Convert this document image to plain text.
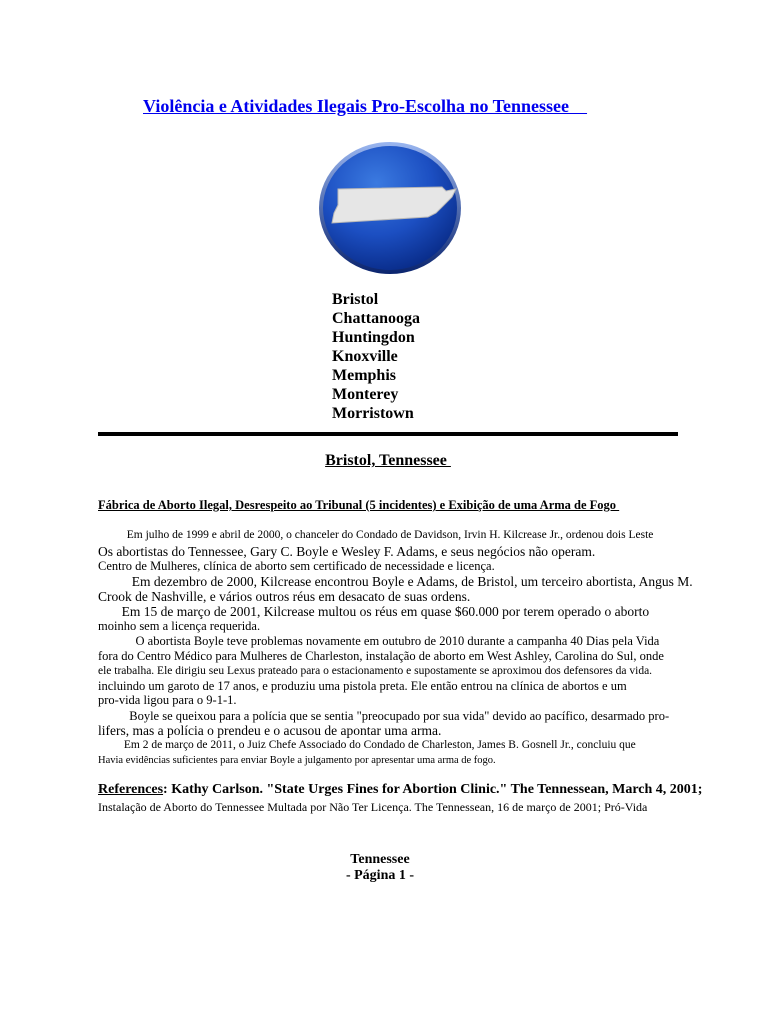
Violência e Atividades Ilegais Pro-Escolha no Tennessee
Bristol
Chattanooga
Huntingdon
Knoxville
Memphis
Monterey
Morristown
Bristol, Tennessee
Fábrica de Aborto Ilegal, Desrespeito ao Tribunal (5 incidentes) e Exibição de uma Arma de Fogo
Em julho de 1999 e abril de 2000, o chanceler do Condado de Davidson, Irvin H. Kilcrease Jr., ordenou dois Leste
Os abortistas do Tennessee, Gary C. Boyle e Wesley F. Adams, e seus negócios não operam.
Centro de Mulheres, clínica de aborto sem certificado de necessidade e licença.
Em dezembro de 2000, Kilcrease encontrou Boyle e Adams, de Bristol, um terceiro abortista, Angus M.
Crook de Nashville, e vários outros réus em desacato de suas ordens.
Em 15 de março de 2001, Kilcrease multou os réus em quase $60.000 por terem operado o aborto
moinho sem a licença requerida.
O abortista Boyle teve problemas novamente em outubro de 2010 durante a campanha 40 Dias pela Vida
fora do Centro Médico para Mulheres de Charleston, instalação de aborto em West Ashley, Carolina do Sul, onde
ele trabalha. Ele dirigiu seu Lexus prateado para o estacionamento e supostamente se aproximou dos defensores da vida.
incluindo um garoto de 17 anos, e produziu uma pistola preta. Ele então entrou na clínica de abortos e um
pro-vida ligou para o 9-1-1.
Boyle se queixou para a polícia que se sentia "preocupado por sua vida" devido ao pacífico, desarmado pro-
lifers, mas a polícia o prendeu e o acusou de apontar uma arma.
Em 2 de março de 2011, o Juiz Chefe Associado do Condado de Charleston, James B. Gosnell Jr., concluiu que
Havia evidências suficientes para enviar Boyle a julgamento por apresentar uma arma de fogo.
References: Kathy Carlson. "State Urges Fines for Abortion Clinic." The Tennessean, March 4, 2001;
Instalação de Aborto do Tennessee Multada por Não Ter Licença. The Tennessean, 16 de março de 2001; Pró-Vida
Tennessee
- Página 1 -
